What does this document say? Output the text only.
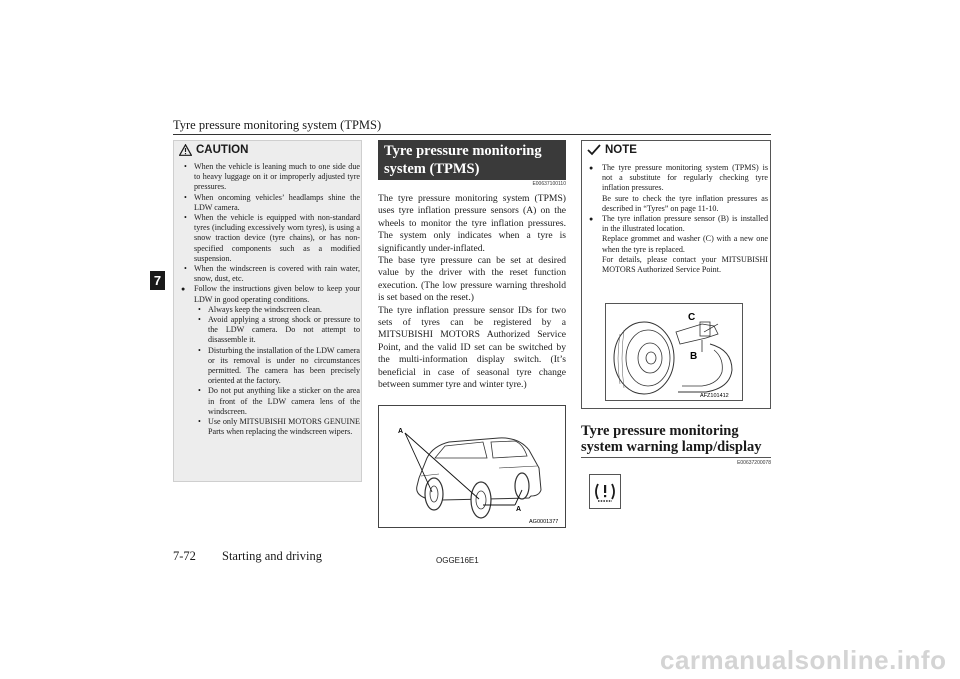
Tyre pressure monitoring system (TPMS)
7
CAUTION
• When the vehicle is leaning much to one side due to heavy luggage on it or improperly adjusted tyre pressures.
• When oncoming vehicles’ headlamps shine the LDW camera.
• When the vehicle is equipped with non-standard tyres (including excessively worn tyres), is using a snow traction device (tyre chains), or has non-specified components such as a modified suspension.
• When the windscreen is covered with rain water, snow, dust, etc.
● Follow the instructions given below to keep your LDW in good operating conditions.
• Always keep the windscreen clean.
• Avoid applying a strong shock or pressure to the LDW camera. Do not attempt to disassemble it.
• Disturbing the installation of the LDW camera or its removal is under no circumstances permitted. The camera has been precisely oriented at the factory.
• Do not put anything like a sticker on the area in front of the LDW camera lens of the windscreen.
• Use only MITSUBISHI MOTORS GENUINE Parts when replacing the windscreen wipers.
Tyre pressure monitoring system (TPMS)
E00637100110

The tyre pressure monitoring system (TPMS) uses tyre inflation pressure sensors (A) on the wheels to monitor the tyre inflation pressures. The system only indicates when a tyre is significantly under-inflated.

The base tyre pressure can be set at desired value by the driver with the reset function execution. (The low pressure warning threshold is set based on the reset.)

The tyre inflation pressure sensor IDs for two sets of tyres can be registered by a MITSUBISHI MOTORS Authorized Service Point, and the valid ID set can be switched by the multi-information display switch. (It’s beneficial in case of seasonal tyre change between summer tyre and winter tyre.)

A
A
AG0001377
NOTE

● The tyre pressure monitoring system (TPMS) is not a substitute for regularly checking tyre inflation pressures.

Be sure to check the tyre inflation pressures as described in “Tyres” on page 11-10.

● The tyre inflation pressure sensor (B) is installed in the illustrated location.

Replace grommet and washer (C) with a new one when the tyre is replaced.

For details, please contact your MITSUBISHI MOTORS Authorized Service Point.

C
B
AFZ101412
Tyre pressure monitoring system warning lamp/display
E00637200078
7-72 Starting and driving	OGGE16E1
carmanualsonline.info
